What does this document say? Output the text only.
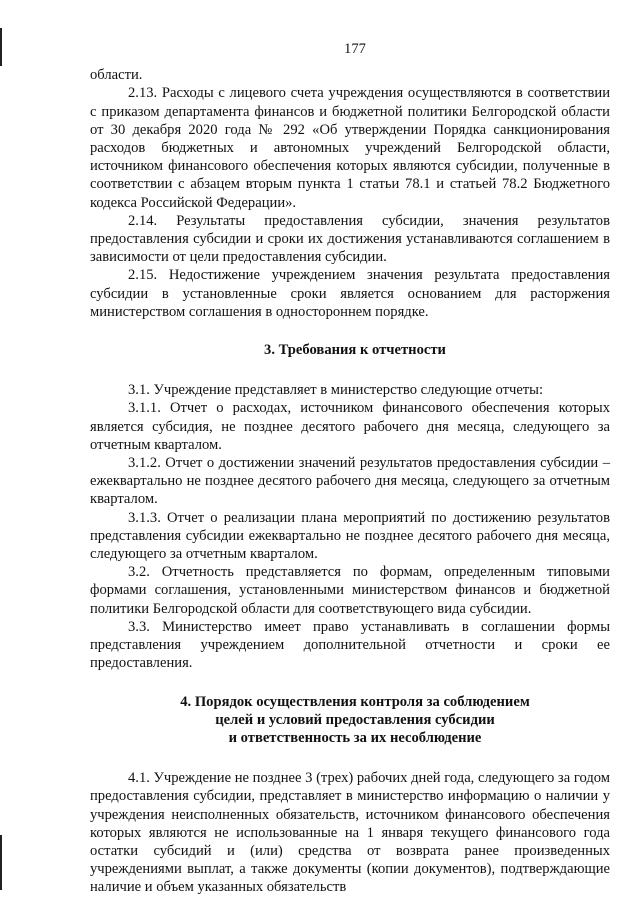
177

области.

2.13. Расходы с лицевого счета учреждения осуществляются в соответствии с приказом департамента финансов и бюджетной политики Белгородской области от 30 декабря 2020 года № 292 «Об утверждении Порядка санкционирования расходов бюджетных и автономных учреждений Белгородской области, источником финансового обеспечения которых являются субсидии, полученные в соответствии с абзацем вторым пункта 1 статьи 78.1 и статьей 78.2 Бюджетного кодекса Российской Федерации».

2.14. Результаты предоставления субсидии, значения результатов предоставления субсидии и сроки их достижения устанавливаются соглашением в зависимости от цели предоставления субсидии.

2.15. Недостижение учреждением значения результата предоставления субсидии в установленные сроки является основанием для расторжения министерством соглашения в одностороннем порядке.

3. Требования к отчетности

3.1. Учреждение представляет в министерство следующие отчеты:

3.1.1. Отчет о расходах, источником финансового обеспечения которых является субсидия, не позднее десятого рабочего дня месяца, следующего за отчетным кварталом.

3.1.2. Отчет о достижении значений результатов предоставления субсидии – ежеквартально не позднее десятого рабочего дня месяца, следующего за отчетным кварталом.

3.1.3. Отчет о реализации плана мероприятий по достижению результатов представления субсидии ежеквартально не позднее десятого рабочего дня месяца, следующего за отчетным кварталом.

3.2. Отчетность представляется по формам, определенным типовыми формами соглашения, установленными министерством финансов и бюджетной политики Белгородской области для соответствующего вида субсидии.

3.3. Министерство имеет право устанавливать в соглашении формы представления учреждением дополнительной отчетности и сроки ее предоставления.

4. Порядок осуществления контроля за соблюдением
целей и условий предоставления субсидии
и ответственность за их несоблюдение

4.1. Учреждение не позднее 3 (трех) рабочих дней года, следующего за годом предоставления субсидии, представляет в министерство информацию о наличии у учреждения неисполненных обязательств, источником финансового обеспечения которых являются не использованные на 1 января текущего финансового года остатки субсидий и (или) средства от возврата ранее произведенных учреждениями выплат, а также документы (копии документов), подтверждающие наличие и объем указанных обязательств
